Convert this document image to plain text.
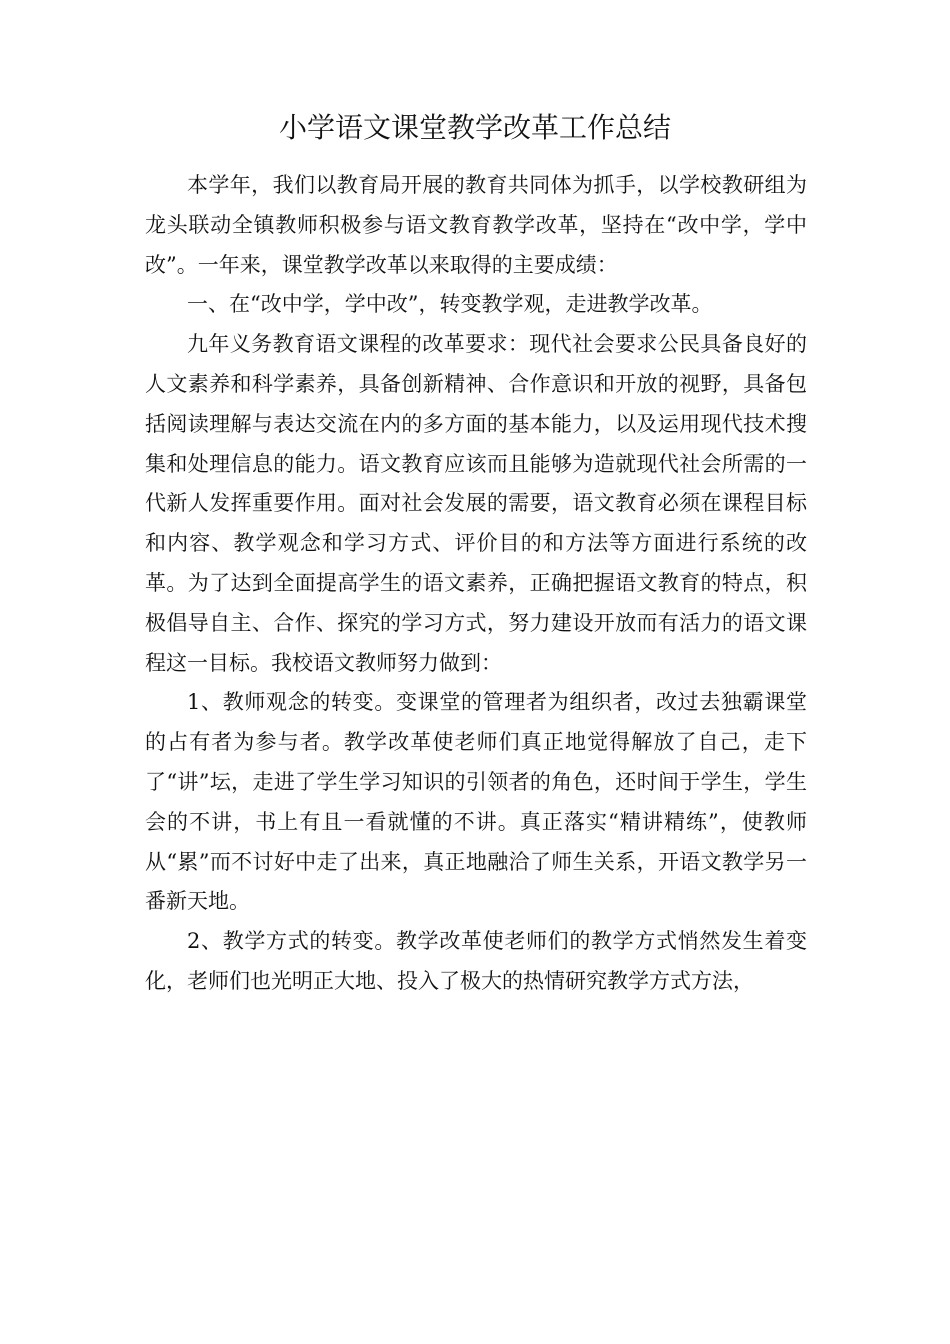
小学语文课堂教学改革工作总结

本学年，我们以教育局开展的教育共同体为抓手，以学校教研组为龙头联动全镇教师积极参与语文教育教学改革，坚持在“改中学，学中改”。一年来，课堂教学改革以来取得的主要成绩：

一、在“改中学，学中改”，转变教学观，走进教学改革。

九年义务教育语文课程的改革要求：现代社会要求公民具备良好的人文素养和科学素养，具备创新精神、合作意识和开放的视野，具备包括阅读理解与表达交流在内的多方面的基本能力，以及运用现代技术搜集和处理信息的能力。语文教育应该而且能够为造就现代社会所需的一代新人发挥重要作用。面对社会发展的需要，语文教育必须在课程目标和内容、教学观念和学习方式、评价目的和方法等方面进行系统的改革。为了达到全面提高学生的语文素养，正确把握语文教育的特点，积极倡导自主、合作、探究的学习方式，努力建设开放而有活力的语文课程这一目标。我校语文教师努力做到：

1、教师观念的转变。变课堂的管理者为组织者，改过去独霸课堂的占有者为参与者。教学改革使老师们真正地觉得解放了自己，走下了“讲”坛，走进了学生学习知识的引领者的角色，还时间于学生，学生会的不讲，书上有且一看就懂的不讲。真正落实“精讲精练”，使教师从“累”而不讨好中走了出来，真正地融洽了师生关系，开语文教学另一番新天地。

2、教学方式的转变。教学改革使老师们的教学方式悄然发生着变化，老师们也光明正大地、投入了极大的热情研究教学方式方法，
